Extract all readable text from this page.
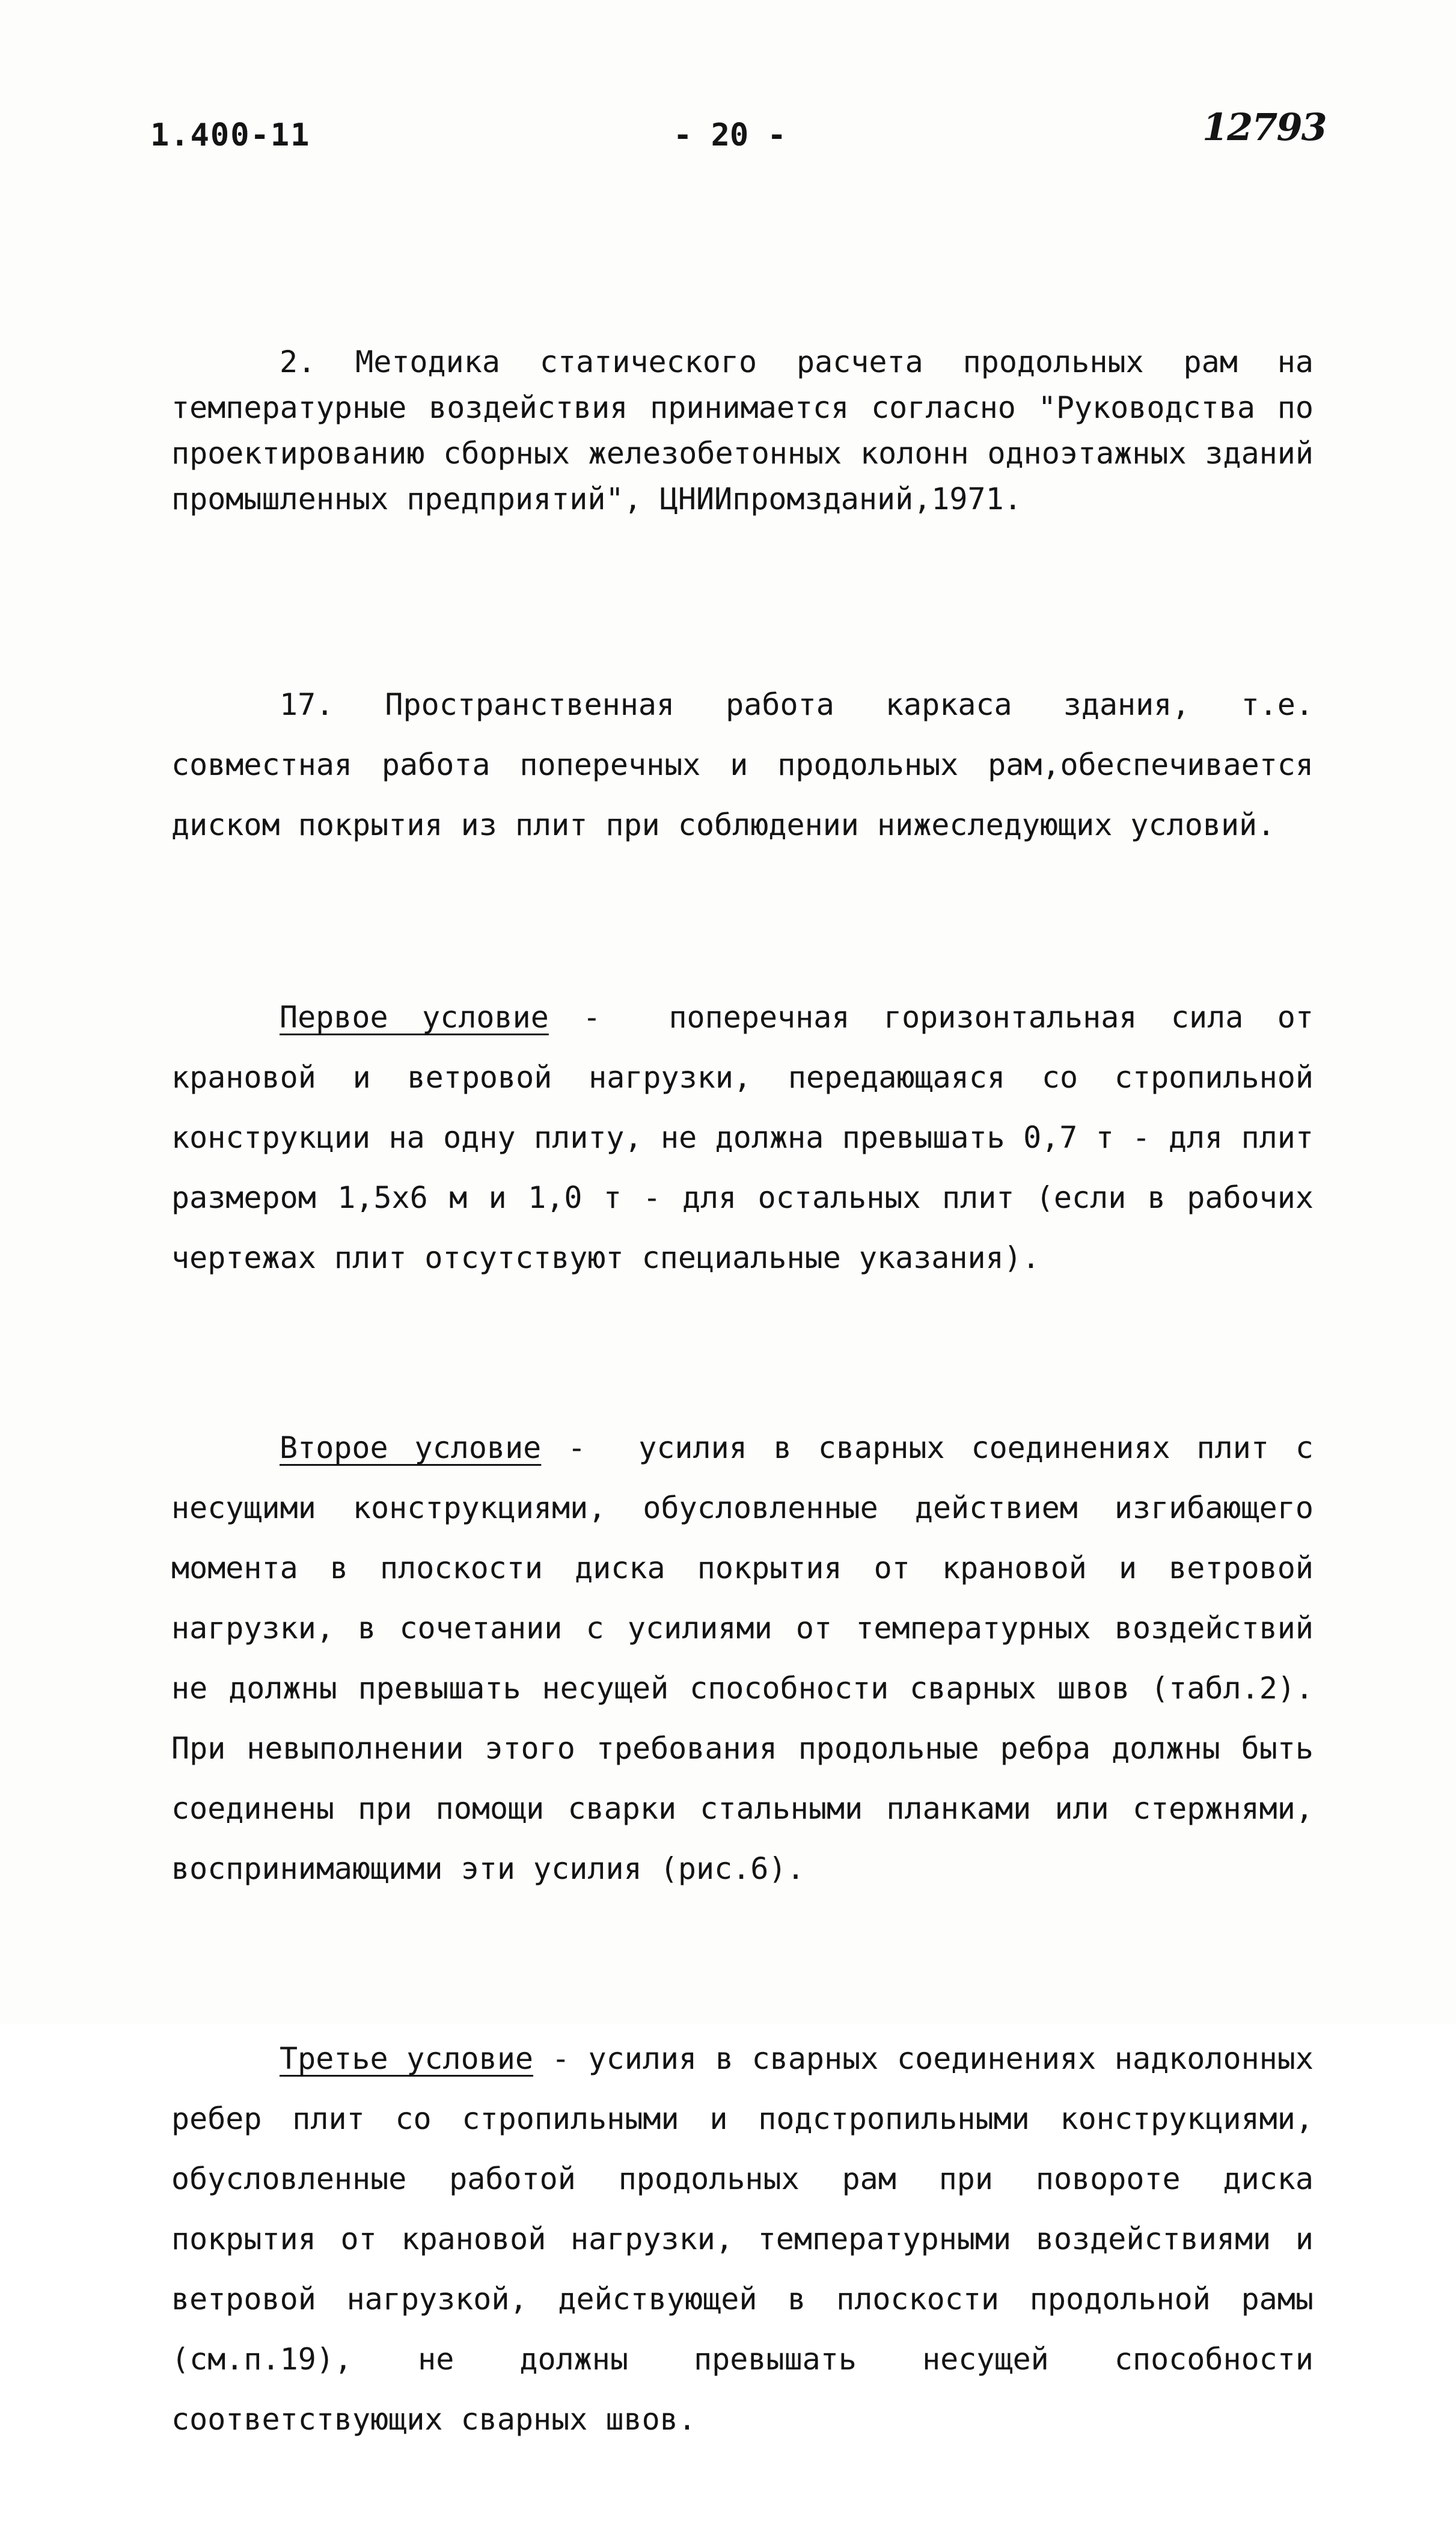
1.400-11	- 20 -	12793

2. Методика статического расчета продольных рам на температурные воздействия принимается согласно "Руководства по проектированию сборных железобетонных колонн одноэтажных зданий промышленных предприятий", ЦНИИпромзданий,1971.

17. Пространственная работа каркаса здания, т.е. совместная работа поперечных и продольных рам,обеспечивается диском покрытия из плит при соблюдении нижеследующих условий.

Первое условие -  поперечная горизонтальная сила от крановой и ветровой нагрузки, передающаяся со стропильной конструкции на одну плиту, не должна превышать 0,7 т - для плит размером 1,5х6 м и 1,0 т - для остальных плит (если в рабочих чертежах плит отсутствуют специальные указания).

Второе условие -  усилия в сварных соединениях плит с несущими конструкциями, обусловленные действием изгибающего момента в плоскости диска покрытия от крановой и ветровой нагрузки, в сочетании с усилиями от температурных воздействий не должны превышать несущей способности сварных швов (табл.2). При невыполнении этого требования продольные ребра должны быть соединены при помощи сварки стальными планками или стержнями, воспринимающими эти усилия (рис.6).

Третье условие - усилия в сварных соединениях надколонных ребер плит со стропильными и подстропильными конструкциями, обусловленные работой продольных рам при повороте диска покрытия от крановой нагрузки, температурными воздействиями и ветровой нагрузкой, действующей в плоскости продольной рамы (см.п.19), не должны превышать несущей способности соответствующих сварных швов.
